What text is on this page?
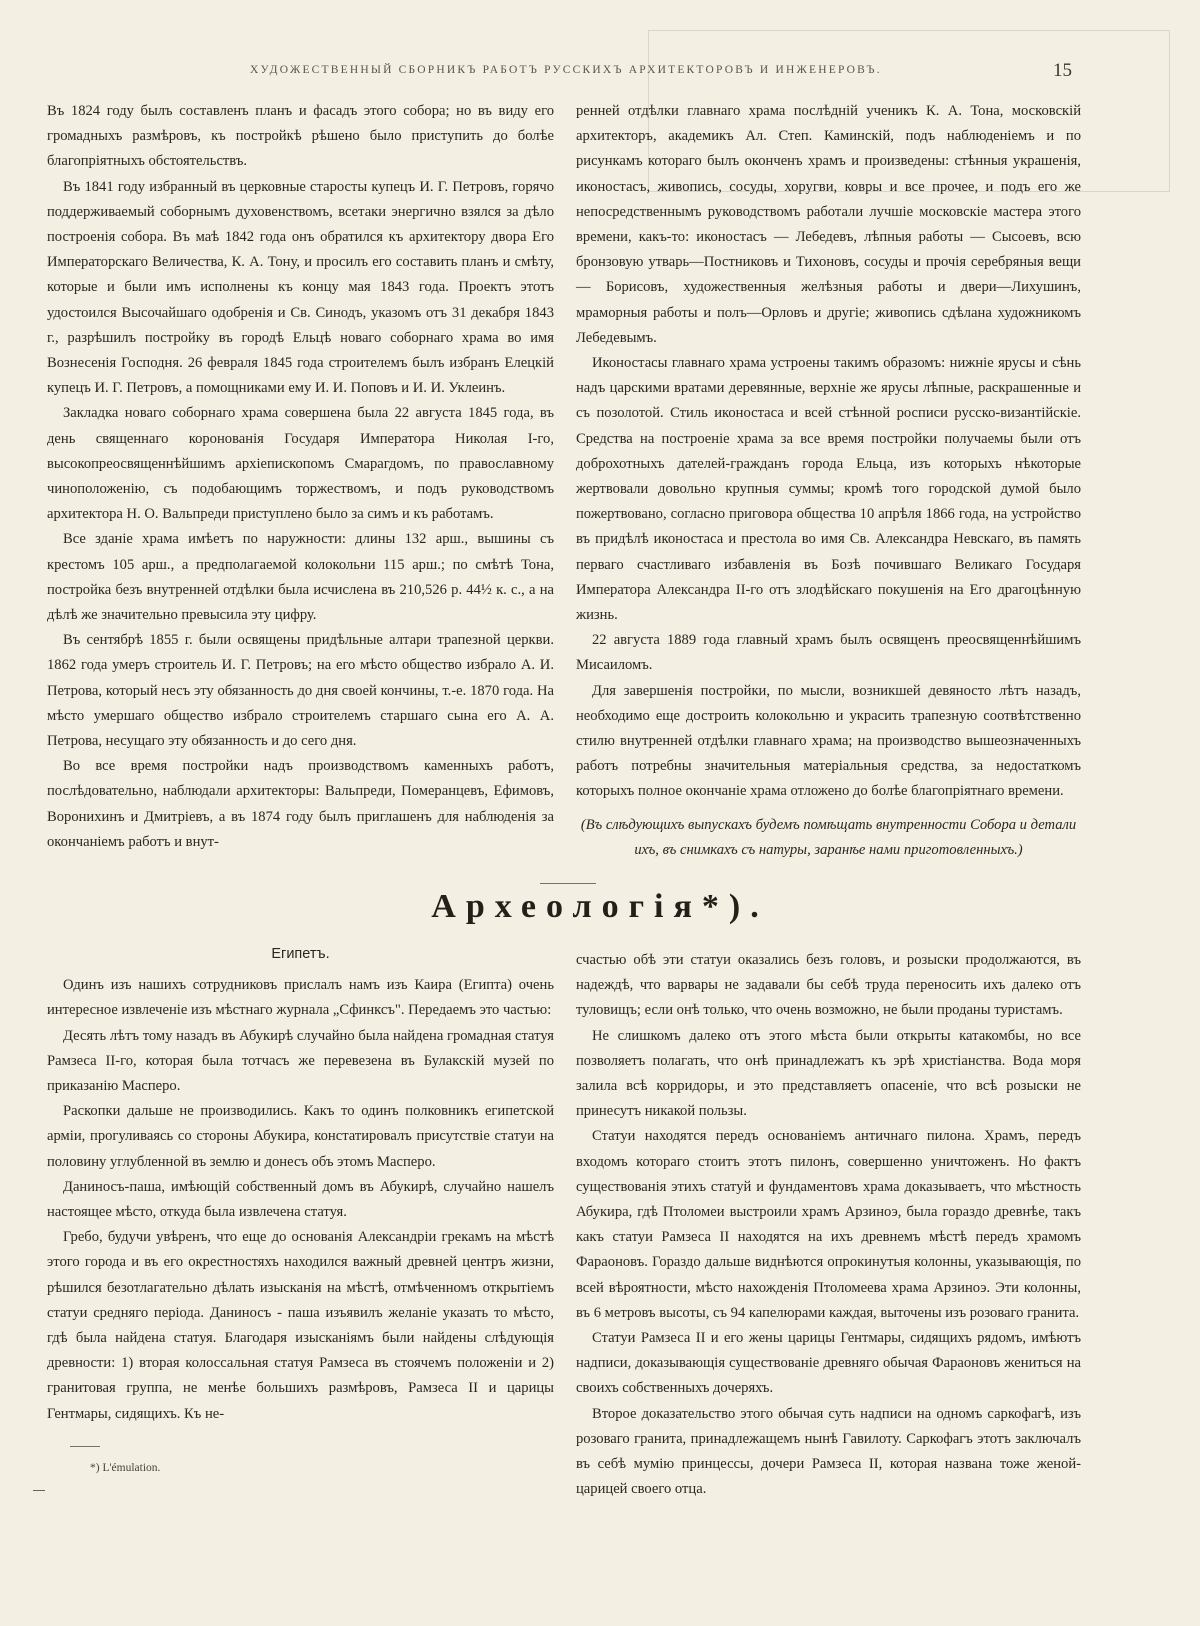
ХУДОЖЕСТВЕННЫЙ СБОРНИКЪ РАБОТЪ РУССКИХЪ АРХИТЕКТОРОВЪ И ИНЖЕНЕРОВЪ.	15

Въ 1824 году былъ составленъ планъ и фасадъ этого собора; но въ виду его громадныхъ размѣровъ, къ постройкѣ рѣшено было приступить до болѣе благопріятныхъ обстоятельствъ.

Въ 1841 году избранный въ церковные старосты купецъ И. Г. Петровъ, горячо поддерживаемый соборнымъ духовенствомъ, всетаки энергично взялся за дѣло построенія собора. Въ маѣ 1842 года онъ обратился къ архитектору двора Его Императорскаго Величества, К. А. Тону, и просилъ его составить планъ и смѣту, которые и были имъ исполнены къ концу мая 1843 года. Проектъ этотъ удостоился Высочайшаго одобренія и Св. Синодъ, указомъ отъ 31 декабря 1843 г., разрѣшилъ постройку въ городѣ Ельцѣ новаго соборнаго храма во имя Вознесенія Господня. 26 февраля 1845 года строителемъ былъ избранъ Елецкій купецъ И. Г. Петровъ, а помощниками ему И. И. Поповъ и И. И. Уклеинъ.

Закладка новаго соборнаго храма совершена была 22 августа 1845 года, въ день священнаго коронованія Государя Императора Николая I-го, высокопреосвященнѣйшимъ архіепископомъ Смарагдомъ, по православному чиноположенію, съ подобающимъ торжествомъ, и подъ руководствомъ архитектора Н. О. Вальпреди приступлено было за симъ и къ работамъ.

Все зданіе храма имѣетъ по наружности: длины 132 арш., вышины съ крестомъ 105 арш., а предполагаемой колокольни 115 арш.; по смѣтѣ Тона, постройка безъ внутренней отдѣлки была исчислена въ 210,526 р. 44½ к. с., а на дѣлѣ же значительно превысила эту цифру.

Въ сентябрѣ 1855 г. были освящены придѣльные алтари трапезной церкви. 1862 года умеръ строитель И. Г. Петровъ; на его мѣсто общество избрало А. И. Петрова, который несъ эту обязанность до дня своей кончины, т.-е. 1870 года. На мѣсто умершаго общество избрало строителемъ старшаго сына его А. А. Петрова, несущаго эту обязанность и до сего дня.

Во все время постройки надъ производствомъ каменныхъ работъ, послѣдовательно, наблюдали архитекторы: Вальпреди, Померанцевъ, Ефимовъ, Воронихинъ и Дмитріевъ, а въ 1874 году былъ приглашенъ для наблюденія за окончаніемъ работъ и внут-

ренней отдѣлки главнаго храма послѣдній ученикъ К. А. Тона, московскій архитекторъ, академикъ Ал. Степ. Каминскій, подъ наблюденіемъ и по рисункамъ котораго былъ оконченъ храмъ и произведены: стѣнныя украшенія, иконостасъ, живопись, сосуды, хоругви, ковры и все прочее, и подъ его же непосредственнымъ руководствомъ работали лучшіе московскіе мастера этого времени, какъ-то: иконостасъ — Лебедевъ, лѣпныя работы — Сысоевъ, всю бронзовую утварь—Постниковъ и Тихоновъ, сосуды и прочія серебряныя вещи — Борисовъ, художественныя желѣзныя работы и двери—Лихушинъ, мраморныя работы и полъ—Орловъ и другіе; живопись сдѣлана художникомъ Лебедевымъ.

Иконостасы главнаго храма устроены такимъ образомъ: нижніе ярусы и сѣнь надъ царскими вратами деревянные, верхніе же ярусы лѣпные, раскрашенные и съ позолотой. Стиль иконостаса и всей стѣнной росписи русско-византійскіе. Средства на построеніе храма за все время постройки получаемы были отъ доброхотныхъ дателей-гражданъ города Ельца, изъ которыхъ нѣкоторые жертвовали довольно крупныя суммы; кромѣ того городской думой было пожертвовано, согласно приговора общества 10 апрѣля 1866 года, на устройство въ придѣлѣ иконостаса и престола во имя Св. Александра Невскаго, въ память перваго счастливаго избавленія въ Бозѣ почившаго Великаго Государя Императора Александра II-го отъ злодѣйскаго покушенія на Его драгоцѣнную жизнь.

22 августа 1889 года главный храмъ былъ освященъ преосвященнѣйшимъ Мисаиломъ.

Для завершенія постройки, по мысли, возникшей девяносто лѣтъ назадъ, необходимо еще достроить колокольню и украсить трапезную соотвѣтственно стилю внутренней отдѣлки главнаго храма; на производство вышеозначенныхъ работъ потребны значительныя матеріальныя средства, за недостаткомъ которыхъ полное окончаніе храма отложено до болѣе благопріятнаго времени.

(Въ слѣдующихъ выпускахъ будемъ помѣщать внутренности Собора и детали ихъ, въ снимкахъ съ натуры, заранѣе нами приготовленныхъ.)

Археологія*).

Египетъ.

Одинъ изъ нашихъ сотрудниковъ прислалъ намъ изъ Каира (Египта) очень интересное извлеченіе изъ мѣстнаго журнала „Сфинксъ". Передаемъ это частью:

Десять лѣтъ тому назадъ въ Абукирѣ случайно была найдена громадная статуя Рамзеса II-го, которая была тотчасъ же перевезена въ Булакскій музей по приказанію Масперо.

Раскопки дальше не производились. Какъ то одинъ полковникъ египетской арміи, прогуливаясь со стороны Абукира, констатировалъ присутствіе статуи на половину углубленной въ землю и донесъ объ этомъ Масперо.

Даниносъ-паша, имѣющій собственный домъ въ Абукирѣ, случайно нашелъ настоящее мѣсто, откуда была извлечена статуя.

Гребо, будучи увѣренъ, что еще до основанія Александріи грекамъ на мѣстѣ этого города и въ его окрестностяхъ находился важный древней центръ жизни, рѣшился безотлагательно дѣлать изысканія на мѣстѣ, отмѣченномъ открытіемъ статуи средняго періода. Даниносъ - паша изъявилъ желаніе указать то мѣсто, гдѣ была найдена статуя. Благодаря изысканіямъ были найдены слѣдующія древности: 1) вторая колоссальная статуя Рамзеса въ стоячемъ положеніи и 2) гранитовая группа, не менѣе большихъ размѣровъ, Рамзеса II и царицы Гентмары, сидящихъ. Къ не-

счастью обѣ эти статуи оказались безъ головъ, и розыски продолжаются, въ надеждѣ, что варвары не задавали бы себѣ труда переносить ихъ далеко отъ туловищъ; если онѣ только, что очень возможно, не были проданы туристамъ.

Не слишкомъ далеко отъ этого мѣста были открыты катакомбы, но все позволяетъ полагать, что онѣ принадлежатъ къ эрѣ христіанства. Вода моря залила всѣ корридоры, и это представляетъ опасеніе, что всѣ розыски не принесутъ никакой пользы.

Статуи находятся передъ основаніемъ античнаго пилона. Храмъ, передъ входомъ котораго стоитъ этотъ пилонъ, совершенно уничтоженъ. Но фактъ существованія этихъ статуй и фундаментовъ храма доказываетъ, что мѣстность Абукира, гдѣ Птоломеи выстроили храмъ Арзиноэ, была гораздо древнѣе, такъ какъ статуи Рамзеса II находятся на ихъ древнемъ мѣстѣ передъ храмомъ Фараоновъ. Гораздо дальше виднѣются опрокинутыя колонны, указывающія, по всей вѣроятности, мѣсто нахожденія Птоломеева храма Арзиноэ. Эти колонны, въ 6 метровъ высоты, съ 94 капелюрами каждая, выточены изъ розоваго гранита.

Статуи Рамзеса II и его жены царицы Гентмары, сидящихъ рядомъ, имѣютъ надписи, доказывающія существованіе древняго обычая Фараоновъ жениться на своихъ собственныхъ дочеряхъ.

Второе доказательство этого обычая суть надписи на одномъ саркофагѣ, изъ розоваго гранита, принадлежащемъ нынѣ Гавилоту. Саркофагъ этотъ заключалъ въ себѣ мумію принцессы, дочери Рамзеса II, которая названа тоже женой-царицей своего отца.

*) L'émulation.
